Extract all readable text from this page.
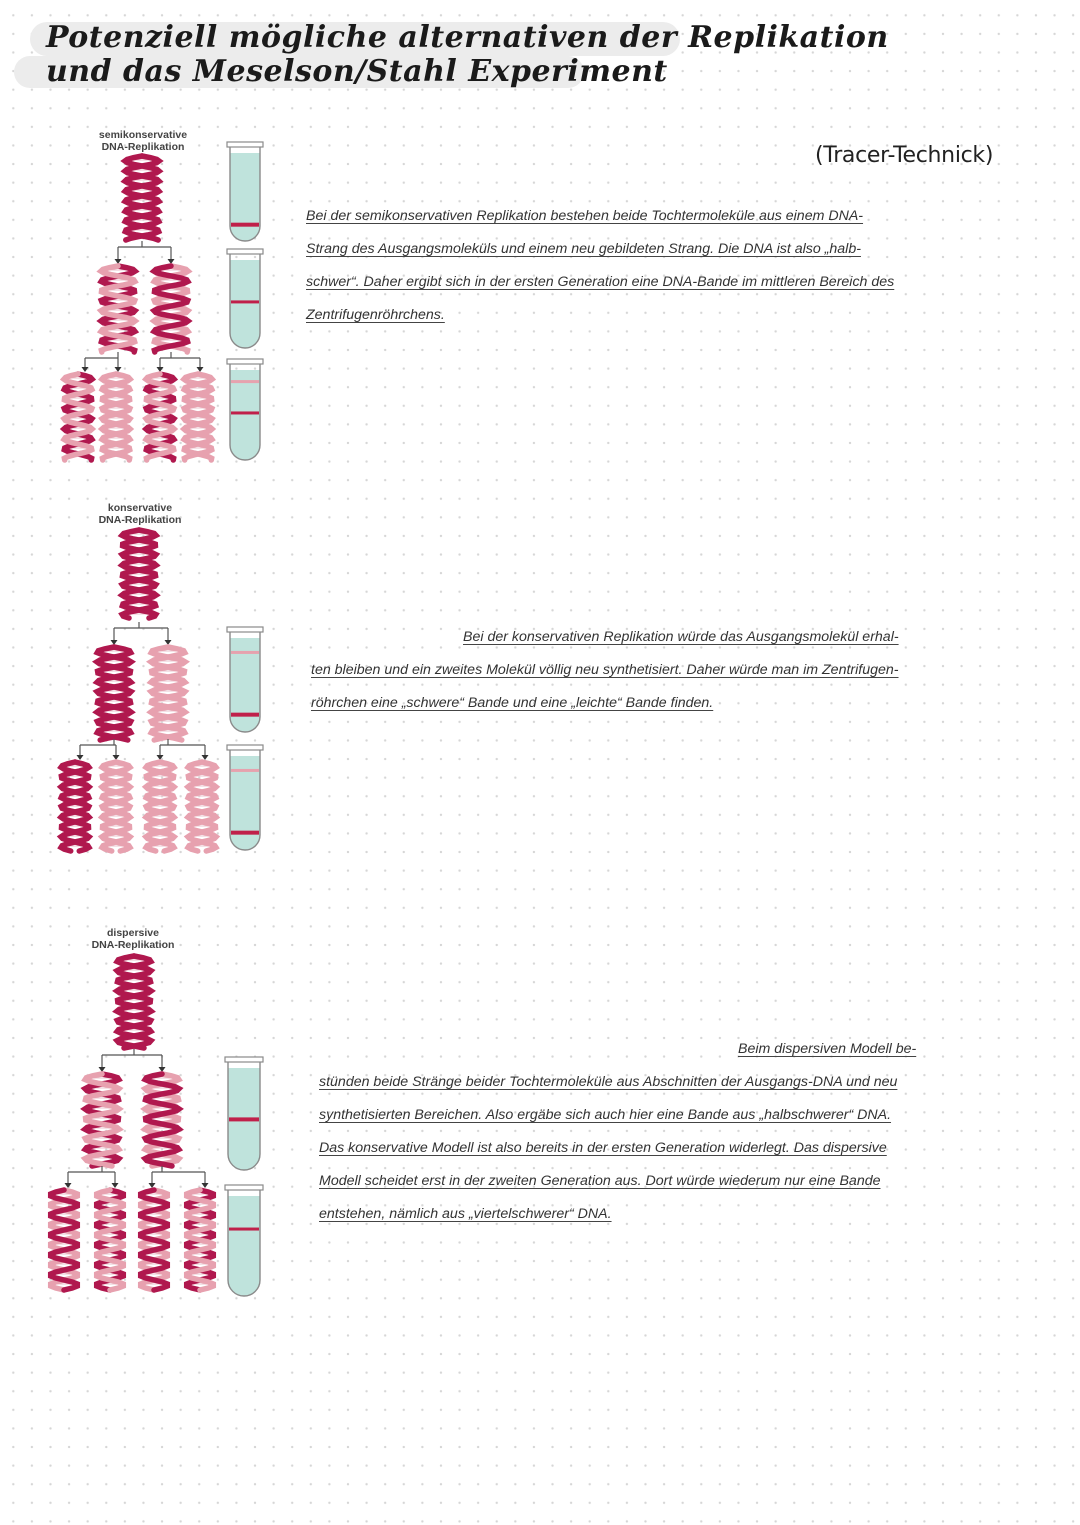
Potenziell mögliche alternativen der Replikation
und das Meselson/Stahl Experiment
(Tracer-Technick)
semikonservative
DNA-Replikation
konservative
DNA-Replikation
dispersive
DNA-Replikation
Bei der semikonservativen Replikation bestehen beide Tochtermoleküle aus einem DNA-
Strang des Ausgangsmoleküls und einem neu gebildeten Strang. Die DNA ist also „halb-
schwer“. Daher ergibt sich in der ersten Generation eine DNA-Bande im mittleren Bereich des
Zentrifugenröhrchens.
Bei der konservativen Replikation würde das Ausgangsmolekül erhal-
ten bleiben und ein zweites Molekül völlig neu synthetisiert. Daher würde man im Zentrifugen-
röhrchen eine „schwere“ Bande und eine „leichte“ Bande finden.
Beim dispersiven Modell be-
stünden beide Stränge beider Tochtermoleküle aus Abschnitten der Ausgangs-DNA und neu
synthetisierten Bereichen. Also ergäbe sich auch hier eine Bande aus „halbschwerer“ DNA.
Das konservative Modell ist also bereits in der ersten Generation widerlegt. Das dispersive
Modell scheidet erst in der zweiten Generation aus. Dort würde wiederum nur eine Bande
entstehen, nämlich aus „viertelschwerer“ DNA.
